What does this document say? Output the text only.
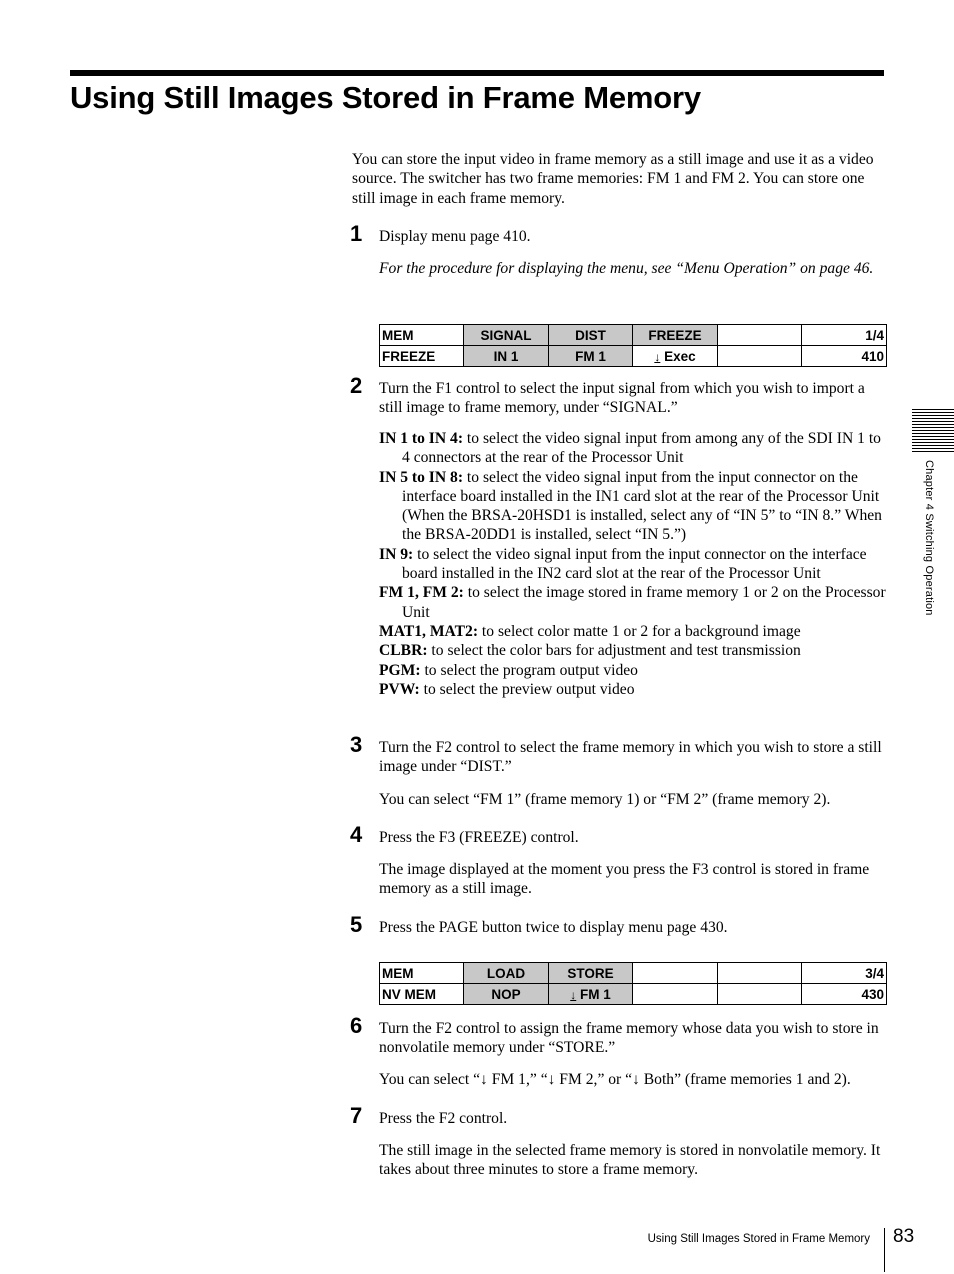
Using Still Images Stored in Frame Memory

You can store the input video in frame memory as a still image and use it as a video source. The switcher has two frame memories: FM 1 and FM 2. You can store one still image in each frame memory.

1 Display menu page 410.

For the procedure for displaying the menu, see “Menu Operation” on page 46.

MEM	SIGNAL	DIST	FREEZE		1/4
FREEZE	IN 1	FM 1	↓ Exec		410
2 Turn the F1 control to select the input signal from which you wish to import a still image to frame memory, under “SIGNAL.”

IN 1 to IN 4: to select the video signal input from among any of the SDI IN 1 to 4 connectors at the rear of the Processor Unit
IN 5 to IN 8: to select the video signal input from the input connector on the interface board installed in the IN1 card slot at the rear of the Processor Unit (When the BRSA-20HSD1 is installed, select any of “IN 5” to “IN 8.” When the BRSA-20DD1 is installed, select “IN 5.”)
IN 9: to select the video signal input from the input connector on the interface board installed in the IN2 card slot at the rear of the Processor Unit
FM 1, FM 2: to select the image stored in frame memory 1 or 2 on the Processor Unit
MAT1, MAT2: to select color matte 1 or 2 for a background image
CLBR: to select the color bars for adjustment and test transmission
PGM: to select the program output video
PVW: to select the preview output video
3 Turn the F2 control to select the frame memory in which you wish to store a still image under “DIST.”

You can select “FM 1” (frame memory 1) or “FM 2” (frame memory 2).

4 Press the F3 (FREEZE) control.

The image displayed at the moment you press the F3 control is stored in frame memory as a still image.

5 Press the PAGE button twice to display menu page 430.

MEM	LOAD	STORE			3/4
NV MEM	NOP	↓ FM 1			430
6 Turn the F2 control to assign the frame memory whose data you wish to store in nonvolatile memory under “STORE.”

You can select “↓ FM 1,” “↓ FM 2,” or “↓ Both” (frame memories 1 and 2).

7 Press the F2 control.

The still image in the selected frame memory is stored in nonvolatile memory. It takes about three minutes to store a frame memory.

Chapter 4 Switching Operation
Using Still Images Stored in Frame Memory 83
